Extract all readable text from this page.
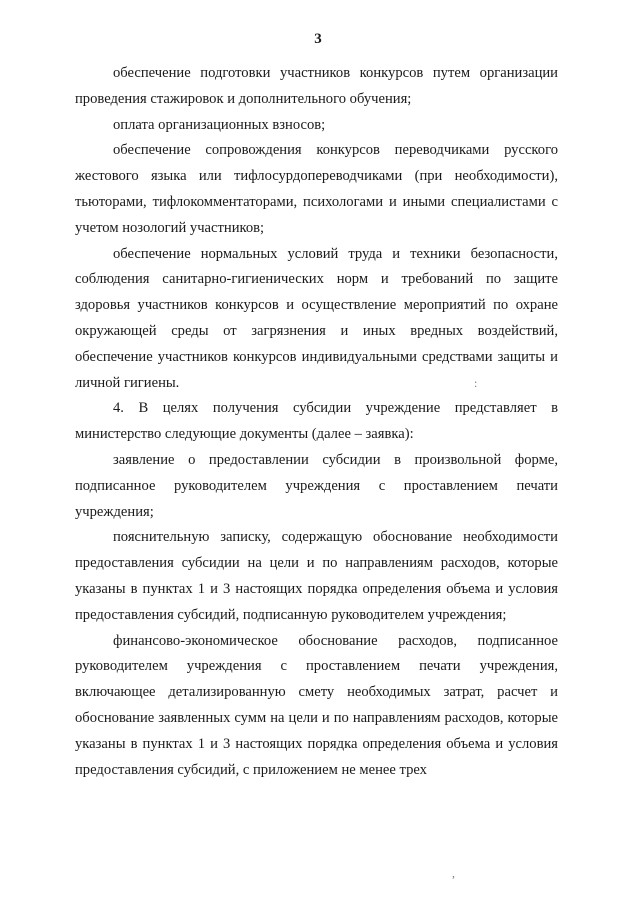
3

обеспечение подготовки участников конкурсов путем организации проведения стажировок и дополнительного обучения;

оплата организационных взносов;

обеспечение сопровождения конкурсов переводчиками русского жестового языка или тифлосурдопереводчиками (при необходимости), тьюторами, тифлокомментаторами, психологами и иными специалистами с учетом нозологий участников;

обеспечение нормальных условий труда и техники безопасности, соблюдения санитарно-гигиенических норм и требований по защите здоровья участников конкурсов и осуществление мероприятий по охране окружающей среды от загрязнения и иных вредных воздействий, обеспечение участников конкурсов индивидуальными средствами защиты и личной гигиены.

4. В целях получения субсидии учреждение представляет в министерство следующие документы (далее – заявка):

заявление о предоставлении субсидии в произвольной форме, подписанное руководителем учреждения с проставлением печати учреждения;

пояснительную записку, содержащую обоснование необходимости предоставления субсидии на цели и по направлениям расходов, которые указаны в пунктах 1 и 3 настоящих порядка определения объема и условия предоставления субсидий, подписанную руководителем учреждения;

финансово-экономическое обоснование расходов, подписанное руководителем учреждения с проставлением печати учреждения, включающее детализированную смету необходимых затрат, расчет и обоснование заявленных сумм на цели и по направлениям расходов, которые указаны в пунктах 1 и 3 настоящих порядка определения объема и условия предоставления субсидий, с приложением не менее трех

:
,
